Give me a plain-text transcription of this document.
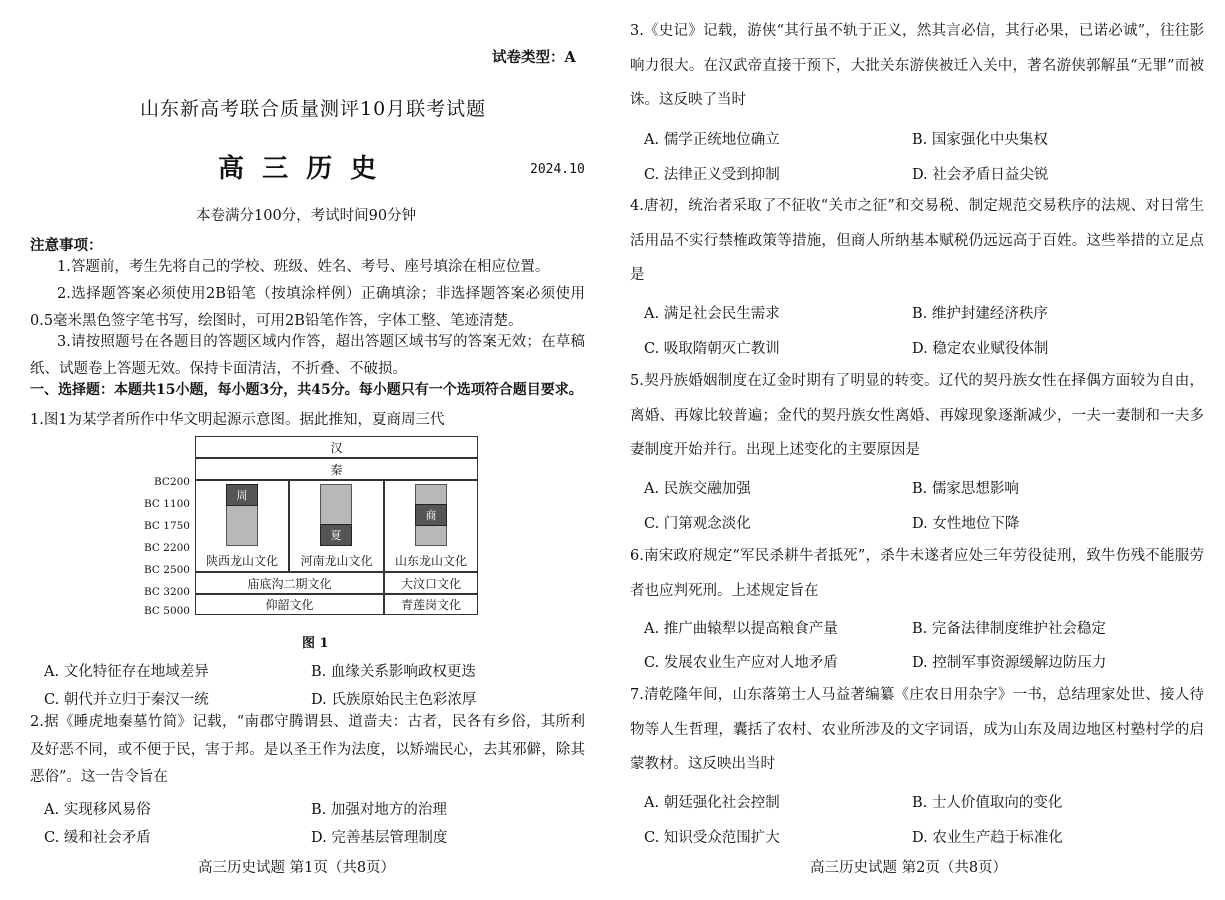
试卷类型：A
山东新高考联合质量测评10月联考试题
高  三  历  史	2024.10
本卷满分100分，考试时间90分钟
注意事项：
1.答题前，考生先将自己的学校、班级、姓名、考号、座号填涂在相应位置。
2.选择题答案必须使用2B铅笔（按填涂样例）正确填涂；非选择题答案必须使用0.5毫米黑色签字笔书写，绘图时，可用2B铅笔作答，字体工整、笔迹清楚。
3.请按照题号在各题目的答题区域内作答，超出答题区域书写的答案无效；在草稿纸、试题卷上答题无效。保持卡面清洁，不折叠、不破损。
一、选择题：本题共15小题，每小题3分，共45分。每小题只有一个选项符合题目要求。
1.图1为某学者所作中华文明起源示意图。据此推知，夏商周三代
汉
秦
周
夏
商
陕西龙山文化	河南龙山文化	山东龙山文化
庙底沟二期文化	大汶口文化
仰韶文化	青莲岗文化
BC200
BC 1100
BC 1750
BC 2200
BC 2500
BC 3200
BC 5000
图 1
A. 文化特征存在地域差异	B. 血缘关系影响政权更迭
C. 朝代并立归于秦汉一统	D. 氏族原始民主色彩浓厚
2.据《睡虎地秦墓竹简》记载，“南郡守腾谓县、道啬夫：古者，民各有乡俗，其所利及好恶不同，或不便于民，害于邦。是以圣王作为法度，以矫端民心，去其邪僻，除其恶俗”。这一告令旨在
A. 实现移风易俗	B. 加强对地方的治理
C. 缓和社会矛盾	D. 完善基层管理制度
高三历史试题 第1页（共8页）
3.《史记》记载，游侠“其行虽不轨于正义，然其言必信，其行必果，已诺必诚”，往往影响力很大。在汉武帝直接干预下，大批关东游侠被迁入关中，著名游侠郭解虽“无罪”而被诛。这反映了当时
A. 儒学正统地位确立	B. 国家强化中央集权
C. 法律正义受到抑制	D. 社会矛盾日益尖锐
4.唐初，统治者采取了不征收“关市之征”和交易税、制定规范交易秩序的法规、对日常生活用品不实行禁榷政策等措施，但商人所纳基本赋税仍远远高于百姓。这些举措的立足点是
A. 满足社会民生需求	B. 维护封建经济秩序
C. 吸取隋朝灭亡教训	D. 稳定农业赋役体制
5.契丹族婚姻制度在辽金时期有了明显的转变。辽代的契丹族女性在择偶方面较为自由，离婚、再嫁比较普遍；金代的契丹族女性离婚、再嫁现象逐渐减少，一夫一妻制和一夫多妻制度开始并行。出现上述变化的主要原因是
A. 民族交融加强	B. 儒家思想影响
C. 门第观念淡化	D. 女性地位下降
6.南宋政府规定“军民杀耕牛者抵死”，杀牛未遂者应处三年劳役徒刑，致牛伤残不能服劳者也应判死刑。上述规定旨在
A. 推广曲辕犁以提高粮食产量	B. 完备法律制度维护社会稳定
C. 发展农业生产应对人地矛盾	D. 控制军事资源缓解边防压力
7.清乾隆年间，山东落第士人马益著编纂《庄农日用杂字》一书，总结理家处世、接人待物等人生哲理，囊括了农村、农业所涉及的文字词语，成为山东及周边地区村塾村学的启蒙教材。这反映出当时
A. 朝廷强化社会控制	B. 士人价值取向的变化
C. 知识受众范围扩大	D. 农业生产趋于标准化
高三历史试题 第2页（共8页）
